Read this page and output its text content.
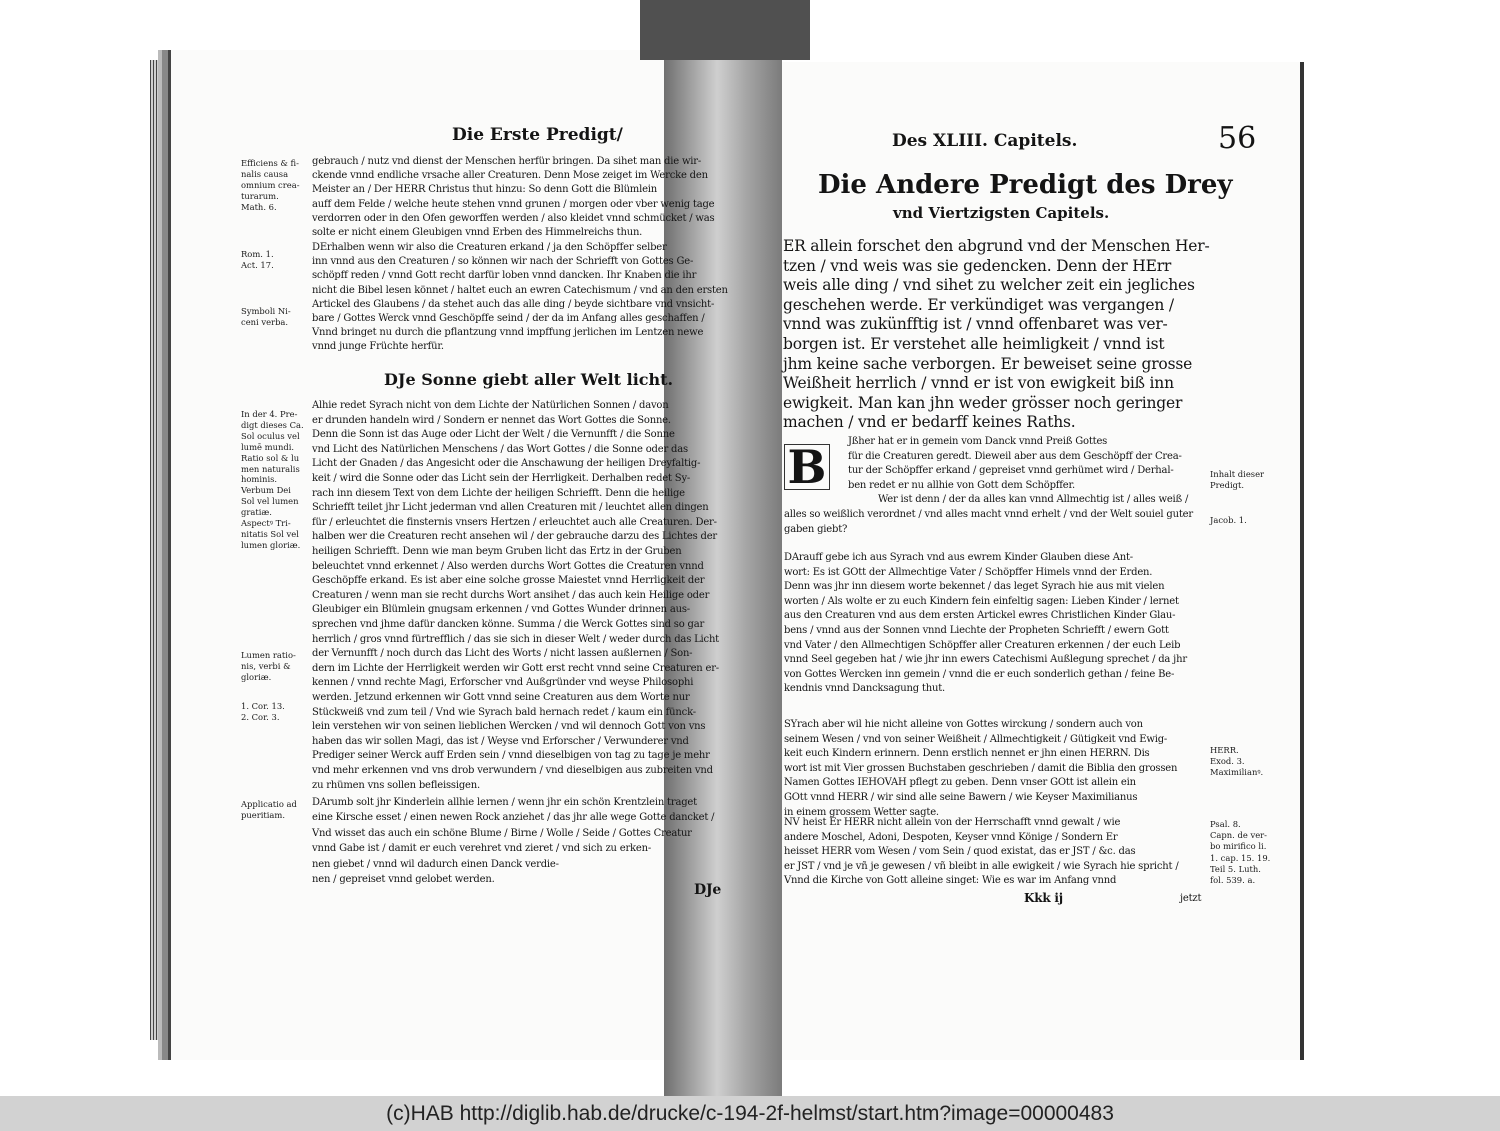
Die Erste Predigt/
Efficiens & fi-
nalis causa
omnium crea-
turarum.
Math. 6.
Rom. 1.
Act. 17.
Symboli Ni-
ceni verba.
In der 4. Pre-
digt dieses Ca.
Sol oculus vel
lumē mundi.
Ratio sol & lu
men naturalis
hominis.
Verbum Dei
Sol vel lumen
gratiæ.
Aspectꝰ Tri-
nitatis Sol vel
lumen gloriæ.
Lumen ratio-
nis, verbi &
gloriæ.
1. Cor. 13.
2. Cor. 3.
Applicatio ad
pueritiam.
gebrauch / nutz vnd dienst der Menschen herfür bringen. Da sihet man die wir-
ckende vnnd endliche vrsache aller Creaturen. Denn Mose zeiget im Wercke den
Meister an / Der HERR Christus thut hinzu: So denn Gott die Blümlein
auff dem Felde / welche heute stehen vnnd grunen / morgen oder vber wenig tage
verdorren oder in den Ofen geworffen werden / also kleidet vnnd schmücket / was
solte er nicht einem Gleubigen vnnd Erben des Himmelreichs thun.
DErhalben wenn wir also die Creaturen erkand / ja den Schöpffer selber
inn vnnd aus den Creaturen / so können wir nach der Schriefft von Gottes Ge-
schöpff reden / vnnd Gott recht darfür loben vnnd dancken. Ihr Knaben die ihr
nicht die Bibel lesen könnet / haltet euch an ewren Catechismum / vnd an den ersten
Artickel des Glaubens / da stehet auch das alle ding / beyde sichtbare vnd vnsicht-
bare / Gottes Werck vnnd Geschöpffe seind / der da im Anfang alles geschaffen /
Vnnd bringet nu durch die pflantzung vnnd impffung jerlichen im Lentzen newe
vnnd junge Früchte herfür.
Alhie redet Syrach nicht von dem Lichte der Natürlichen Sonnen / davon
er drunden handeln wird / Sondern er nennet das Wort Gottes die Sonne.
Denn die Sonn ist das Auge oder Licht der Welt / die Vernunfft / die Sonne
vnd Licht des Natürlichen Menschens / das Wort Gottes / die Sonne oder das
Licht der Gnaden / das Angesicht oder die Anschawung der heiligen Dreyfaltig-
keit / wird die Sonne oder das Licht sein der Herrligkeit. Derhalben redet Sy-
rach inn diesem Text von dem Lichte der heiligen Schriefft. Denn die heilige
Schriefft teilet jhr Licht jederman vnd allen Creaturen mit / leuchtet allen dingen
für / erleuchtet die finsternis vnsers Hertzen / erleuchtet auch alle Creaturen. Der-
halben wer die Creaturen recht ansehen wil / der gebrauche darzu des Lichtes der
heiligen Schriefft. Denn wie man beym Gruben licht das Ertz in der Gruben
beleuchtet vnnd erkennet / Also werden durchs Wort Gottes die Creaturen vnnd
Geschöpffe erkand. Es ist aber eine solche grosse Maiestet vnnd Herrligkeit der
Creaturen / wenn man sie recht durchs Wort ansihet / das auch kein Heilige oder
Gleubiger ein Blümlein gnugsam erkennen / vnd Gottes Wunder drinnen aus-
sprechen vnd jhme dafür dancken könne. Summa / die Werck Gottes sind so gar
herrlich / gros vnnd fürtrefflich / das sie sich in dieser Welt / weder durch das Licht
der Vernunfft / noch durch das Licht des Worts / nicht lassen außlernen / Son-
dern im Lichte der Herrligkeit werden wir Gott erst recht vnnd seine Creaturen er-
kennen / vnnd rechte Magi, Erforscher vnd Außgründer vnd weyse Philosophi
werden. Jetzund erkennen wir Gott vnnd seine Creaturen aus dem Worte nur
Stückweiß vnd zum teil / Vnd wie Syrach bald hernach redet / kaum ein fünck-
lein verstehen wir von seinen lieblichen Wercken / vnd wil dennoch Gott von vns
haben das wir sollen Magi, das ist / Weyse vnd Erforscher / Verwunderer vnd
Prediger seiner Werck auff Erden sein / vnnd dieselbigen von tag zu tage je mehr
vnd mehr erkennen vnd vns drob verwundern / vnd dieselbigen aus zubreiten vnd
zu rhümen vns sollen befleissigen.
DArumb solt jhr Kinderlein allhie lernen / wenn jhr ein schön Krentzlein traget
eine Kirsche esset / einen newen Rock anziehet / das jhr alle wege Gotte dancket /
Vnd wisset das auch ein schöne Blume / Birne / Wolle / Seide / Gottes Creatur
vnnd Gabe ist / damit er euch verehret vnd zieret / vnd sich zu erken-
nen giebet / vnnd wil dadurch einen Danck verdie-
nen / gepreiset vnnd gelobet werden.
DJe Sonne giebt aller Welt licht.
DJe
Des XLIII. Capitels.	56
Die Andere Predigt des Drey
vnd Viertzigsten Capitels.
ER allein forschet den abgrund vnd der Menschen Her-
tzen / vnd weis was sie gedencken. Denn der HErr
weis alle ding / vnd sihet zu welcher zeit ein jegliches
geschehen werde. Er verkündiget was vergangen /
vnnd was zukünfftig ist / vnnd offenbaret was ver-
borgen ist. Er verstehet alle heimligkeit / vnnd ist
jhm keine sache verborgen. Er beweiset seine grosse
Weißheit herrlich / vnnd er ist von ewigkeit biß inn
ewigkeit. Man kan jhn weder grösser noch geringer
machen / vnd er bedarff keines Raths.
B	Jßher hat er in gemein vom Danck vnnd Preiß Gottes
für die Creaturen geredt. Dieweil aber aus dem Geschöpff der Crea-
tur der Schöpffer erkand / gepreiset vnnd gerhümet wird / Derhal-
ben redet er nu allhie von Gott dem Schöpffer.
Wer ist denn / der da alles kan vnnd Allmechtig ist / alles weiß /
alles so weißlich verordnet / vnd alles macht vnnd erhelt / vnd der Welt souiel guter
gaben giebt?
DArauff gebe ich aus Syrach vnd aus ewrem Kinder Glauben diese Ant-
wort: Es ist GOtt der Allmechtige Vater / Schöpffer Himels vnnd der Erden.
Denn was jhr inn diesem worte bekennet / das leget Syrach hie aus mit vielen
worten / Als wolte er zu euch Kindern fein einfeltig sagen: Lieben Kinder / lernet
aus den Creaturen vnd aus dem ersten Artickel ewres Christlichen Kinder Glau-
bens / vnnd aus der Sonnen vnnd Liechte der Propheten Schriefft / ewern Gott
vnd Vater / den Allmechtigen Schöpffer aller Creaturen erkennen / der euch Leib
vnnd Seel gegeben hat / wie jhr inn ewers Catechismi Außlegung sprechet / da jhr
von Gottes Wercken inn gemein / vnnd die er euch sonderlich gethan / feine Be-
kendnis vnnd Dancksagung thut.
SYrach aber wil hie nicht alleine von Gottes wirckung / sondern auch von
seinem Wesen / vnd von seiner Weißheit / Allmechtigkeit / Gütigkeit vnd Ewig-
keit euch Kindern erinnern. Denn erstlich nennet er jhn einen HERRN. Dis
wort ist mit Vier grossen Buchstaben geschrieben / damit die Biblia den grossen
Namen Gottes IEHOVAH pflegt zu geben. Denn vnser GOtt ist allein ein
GOtt vnnd HERR / wir sind alle seine Bawern / wie Keyser Maximilianus
in einem grossem Wetter sagte.
NV heist Er HERR nicht allein von der Herrschafft vnnd gewalt / wie
andere Moschel, Adoni, Despoten, Keyser vnnd Könige / Sondern Er
heisset HERR vom Wesen / vom Sein / quod existat, das er JST / &c. das
er JST / vnd je vñ je gewesen / vñ bleibt in alle ewigkeit / wie Syrach hie spricht /
Vnnd die Kirche von Gott alleine singet: Wie es war im Anfang vnnd
Inhalt dieser
Predigt.
Jacob. 1.
HERR.
Exod. 3.
Maximilianꝰ.
Psal. 8.
Capn. de ver-
bo mirifico li.
1. cap. 15. 19.
Teil 5. Luth.
fol. 539. a.
Kkk ij	jetzt
(c)HAB http://diglib.hab.de/drucke/c-194-2f-helmst/start.htm?image=00000483
